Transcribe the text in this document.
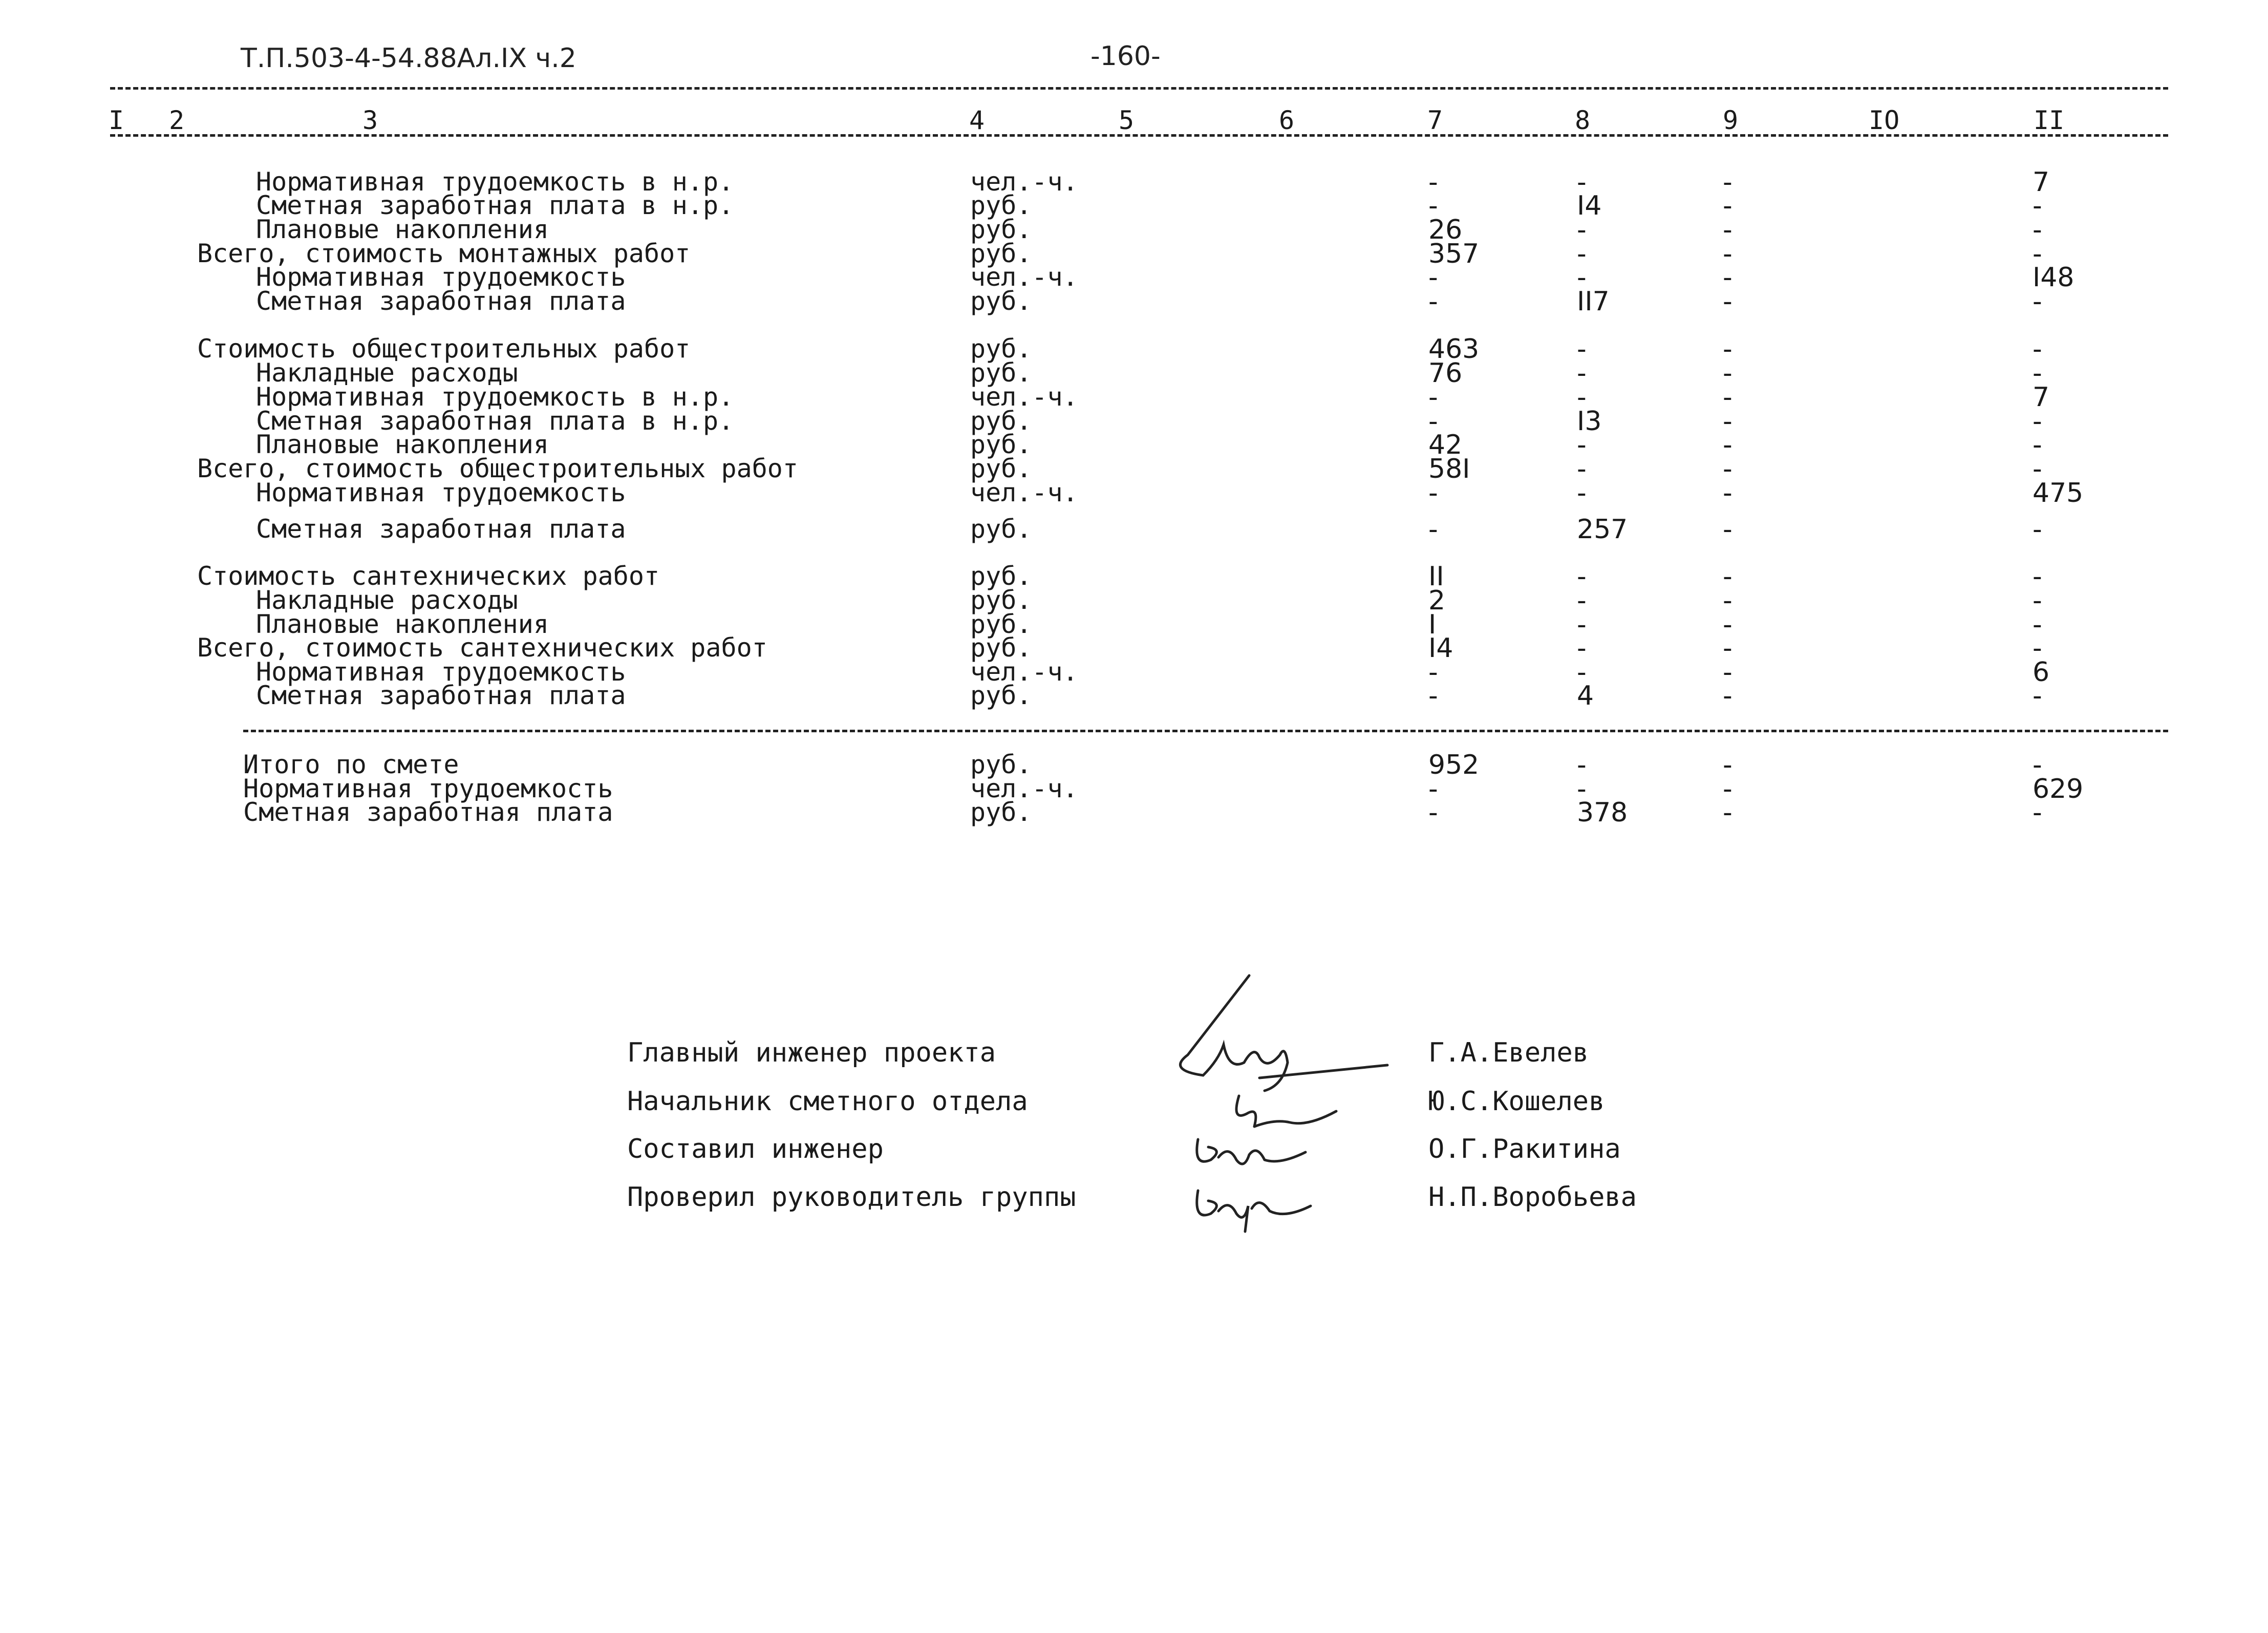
Т.П.503-4-54.88Ал.IX ч.2	-160-
I 2	3	4	5	6	7	8	9	IO	II
Нормативная трудоемкость в н.р.	чел.-ч.	-	-	-	7
Сметная заработная плата в н.р.	руб.	-	I4	-	-
Плановые накопления	руб.	26	-	-	-
Всего, стоимость монтажных работ	руб.	357	-	-	-
Нормативная трудоемкость	чел.-ч.	-	-	-	I48
Сметная заработная плата	руб.	-	II7	-	-
Стоимость общестроительных работ	руб.	463	-	-	-
Накладные расходы	руб.	76	-	-	-
Нормативная трудоемкость в н.р.	чел.-ч.	-	-	-	7
Сметная заработная плата в н.р.	руб.	-	I3	-	-
Плановые накопления	руб.	42	-	-	-
Всего, стоимость общестроительных работ	руб.	58I	-	-	-
Нормативная трудоемкость	чел.-ч.	-	-	-	475
Сметная заработная плата	руб.	-	257	-	-
Стоимость сантехнических работ	руб.	II	-	-	-
Накладные расходы	руб.	2	-	-	-
Плановые накопления	руб.	I	-	-	-
Всего, стоимость сантехнических работ	руб.	I4	-	-	-
Нормативная трудоемкость	чел.-ч.	-	-	-	6
Сметная заработная плата	руб.	-	4	-	-
Итого по смете	руб.	952	-	-	-
Нормативная трудоемкость	чел.-ч.	-	-	-	629
Сметная заработная плата	руб.	-	378	-	-
Главный инженер проекта
Начальник сметного отдела
Составил инженер
Проверил руководитель группы
Г.А.Евелев
Ю.С.Кошелев
О.Г.Ракитина
Н.П.Воробьева
